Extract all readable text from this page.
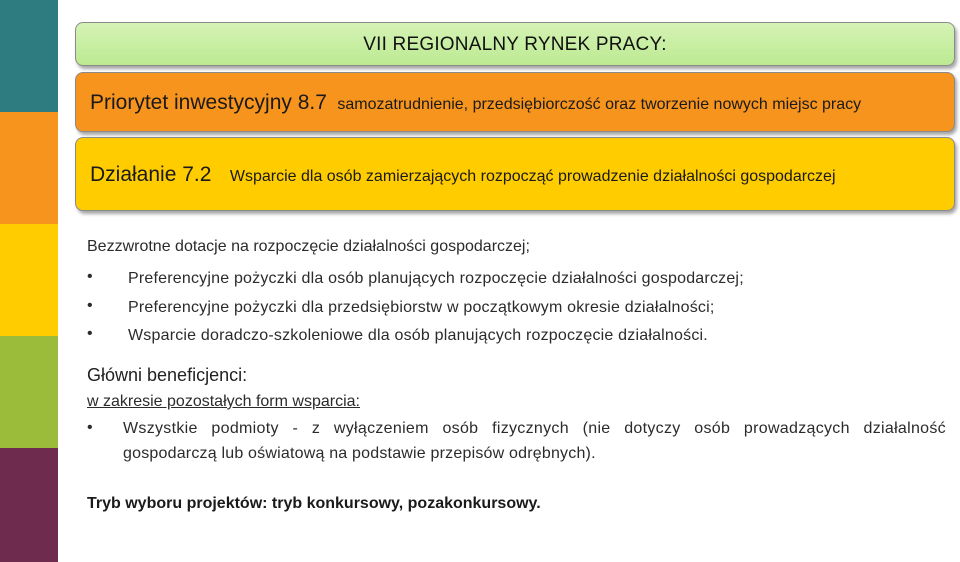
VII REGIONALNY RYNEK PRACY:
Priorytet inwestycyjny 8.7 samozatrudnienie, przedsiębiorczość oraz tworzenie nowych miejsc pracy
Działanie 7.2 Wsparcie dla osób zamierzających rozpocząć prowadzenie działalności gospodarczej
Bezzwrotne dotacje na rozpoczęcie działalności gospodarczej;
• Preferencyjne pożyczki dla osób planujących rozpoczęcie działalności gospodarczej;
• Preferencyjne pożyczki dla przedsiębiorstw w początkowym okresie działalności;
• Wsparcie doradczo-szkoleniowe dla osób planujących rozpoczęcie działalności.
Główni beneficjenci:
w zakresie pozostałych form wsparcia:
• Wszystkie podmioty - z wyłączeniem osób fizycznych (nie dotyczy osób prowadzących działalność
gospodarczą lub oświatową na podstawie przepisów odrębnych).
Tryb wyboru projektów: tryb konkursowy, pozakonkursowy.
